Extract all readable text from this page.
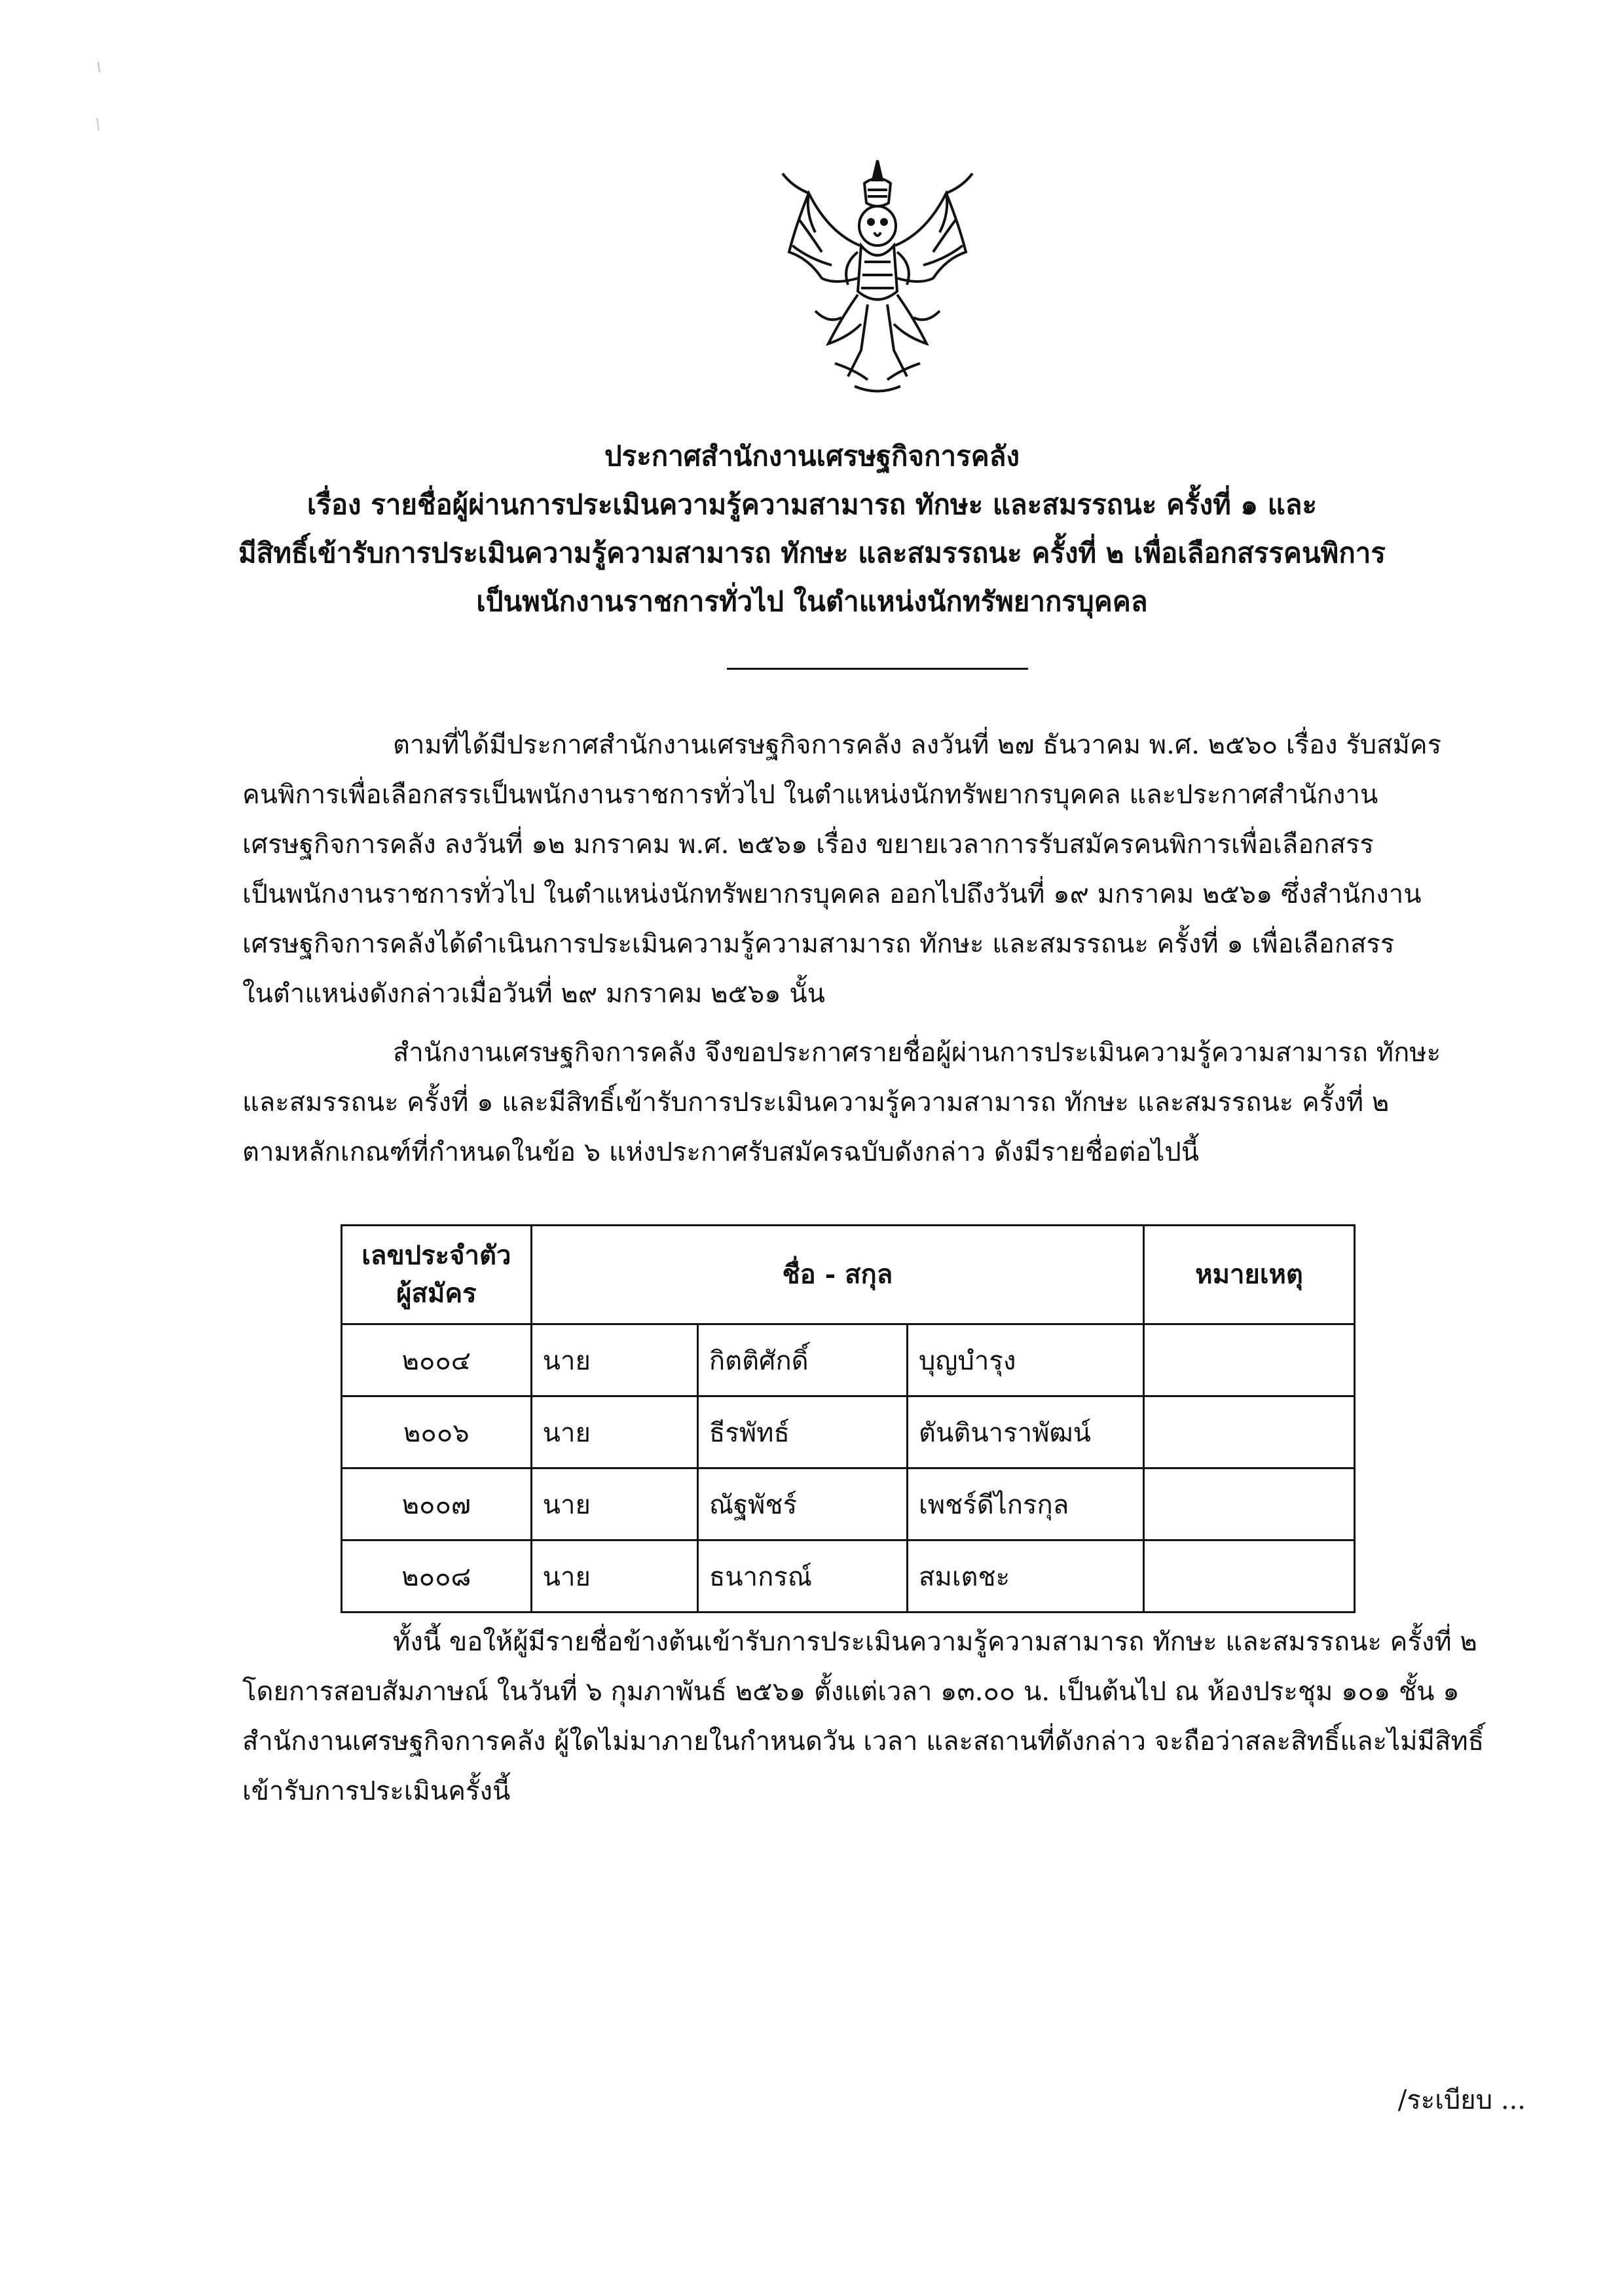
ประกาศสำนักงานเศรษฐกิจการคลัง
เรื่อง รายชื่อผู้ผ่านการประเมินความรู้ความสามารถ ทักษะ และสมรรถนะ ครั้งที่ ๑ และ
มีสิทธิ์เข้ารับการประเมินความรู้ความสามารถ ทักษะ และสมรรถนะ ครั้งที่ ๒ เพื่อเลือกสรรคนพิการ
เป็นพนักงานราชการทั่วไป ในตำแหน่งนักทรัพยากรบุคคล
ตามที่ได้มีประกาศสำนักงานเศรษฐกิจการคลัง ลงวันที่ ๒๗ ธันวาคม พ.ศ. ๒๕๖๐ เรื่อง รับสมัคร
คนพิการเพื่อเลือกสรรเป็นพนักงานราชการทั่วไป ในตำแหน่งนักทรัพยากรบุคคล และประกาศสำนักงาน
เศรษฐกิจการคลัง ลงวันที่ ๑๒ มกราคม พ.ศ. ๒๕๖๑ เรื่อง ขยายเวลาการรับสมัครคนพิการเพื่อเลือกสรร
เป็นพนักงานราชการทั่วไป ในตำแหน่งนักทรัพยากรบุคคล ออกไปถึงวันที่ ๑๙ มกราคม ๒๕๖๑ ซึ่งสำนักงาน
เศรษฐกิจการคลังได้ดำเนินการประเมินความรู้ความสามารถ ทักษะ และสมรรถนะ ครั้งที่ ๑ เพื่อเลือกสรร
ในตำแหน่งดังกล่าวเมื่อวันที่ ๒๙ มกราคม ๒๕๖๑ นั้น
สำนักงานเศรษฐกิจการคลัง จึงขอประกาศรายชื่อผู้ผ่านการประเมินความรู้ความสามารถ ทักษะ
และสมรรถนะ ครั้งที่ ๑ และมีสิทธิ์เข้ารับการประเมินความรู้ความสามารถ ทักษะ และสมรรถนะ ครั้งที่ ๒
ตามหลักเกณฑ์ที่กำหนดในข้อ ๖ แห่งประกาศรับสมัครฉบับดังกล่าว ดังมีรายชื่อต่อไปนี้
เลขประจำตัว
ผู้สมัคร	ชื่อ - สกุล			หมายเหตุ
๒๐๐๔	นาย	กิตติศักดิ์	บุญบำรุง	
๒๐๐๖	นาย	ธีรพัทธ์	ตันตินาราพัฒน์	
๒๐๐๗	นาย	ณัฐพัชร์	เพชร์ดีไกรกุล	
๒๐๐๘	นาย	ธนากรณ์	สมเตชะ	
ทั้งนี้ ขอให้ผู้มีรายชื่อข้างต้นเข้ารับการประเมินความรู้ความสามารถ ทักษะ และสมรรถนะ ครั้งที่ ๒
โดยการสอบสัมภาษณ์ ในวันที่ ๖ กุมภาพันธ์ ๒๕๖๑ ตั้งแต่เวลา ๑๓.๐๐ น. เป็นต้นไป ณ ห้องประชุม ๑๐๑ ชั้น ๑
สำนักงานเศรษฐกิจการคลัง ผู้ใดไม่มาภายในกำหนดวัน เวลา และสถานที่ดังกล่าว จะถือว่าสละสิทธิ์และไม่มีสิทธิ์
เข้ารับการประเมินครั้งนี้
/ระเบียบ ...
